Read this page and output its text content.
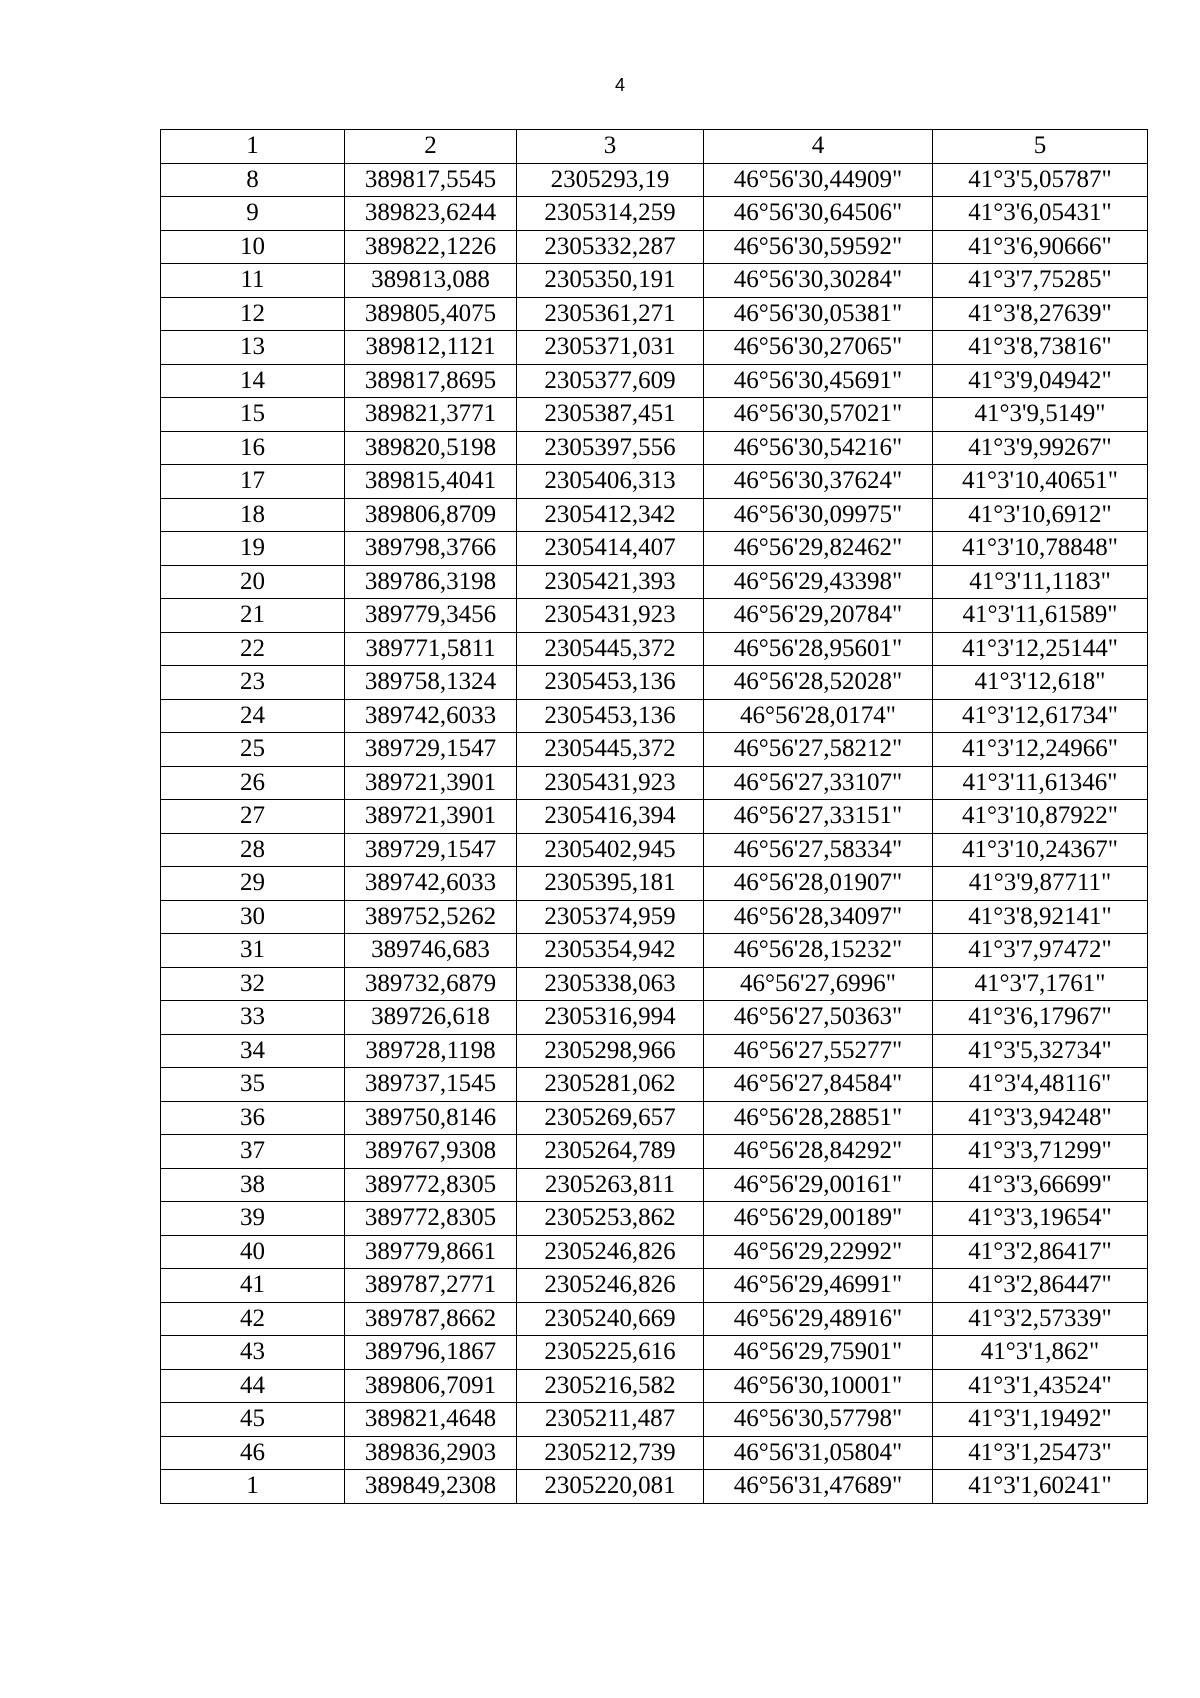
4
1	2	3	4	5
8	389817,5545	2305293,19	46°56'30,44909"	41°3'5,05787"
9	389823,6244	2305314,259	46°56'30,64506"	41°3'6,05431"
10	389822,1226	2305332,287	46°56'30,59592"	41°3'6,90666"
11	389813,088	2305350,191	46°56'30,30284"	41°3'7,75285"
12	389805,4075	2305361,271	46°56'30,05381"	41°3'8,27639"
13	389812,1121	2305371,031	46°56'30,27065"	41°3'8,73816"
14	389817,8695	2305377,609	46°56'30,45691"	41°3'9,04942"
15	389821,3771	2305387,451	46°56'30,57021"	41°3'9,5149"
16	389820,5198	2305397,556	46°56'30,54216"	41°3'9,99267"
17	389815,4041	2305406,313	46°56'30,37624"	41°3'10,40651"
18	389806,8709	2305412,342	46°56'30,09975"	41°3'10,6912"
19	389798,3766	2305414,407	46°56'29,82462"	41°3'10,78848"
20	389786,3198	2305421,393	46°56'29,43398"	41°3'11,1183"
21	389779,3456	2305431,923	46°56'29,20784"	41°3'11,61589"
22	389771,5811	2305445,372	46°56'28,95601"	41°3'12,25144"
23	389758,1324	2305453,136	46°56'28,52028"	41°3'12,618"
24	389742,6033	2305453,136	46°56'28,0174"	41°3'12,61734"
25	389729,1547	2305445,372	46°56'27,58212"	41°3'12,24966"
26	389721,3901	2305431,923	46°56'27,33107"	41°3'11,61346"
27	389721,3901	2305416,394	46°56'27,33151"	41°3'10,87922"
28	389729,1547	2305402,945	46°56'27,58334"	41°3'10,24367"
29	389742,6033	2305395,181	46°56'28,01907"	41°3'9,87711"
30	389752,5262	2305374,959	46°56'28,34097"	41°3'8,92141"
31	389746,683	2305354,942	46°56'28,15232"	41°3'7,97472"
32	389732,6879	2305338,063	46°56'27,6996"	41°3'7,1761"
33	389726,618	2305316,994	46°56'27,50363"	41°3'6,17967"
34	389728,1198	2305298,966	46°56'27,55277"	41°3'5,32734"
35	389737,1545	2305281,062	46°56'27,84584"	41°3'4,48116"
36	389750,8146	2305269,657	46°56'28,28851"	41°3'3,94248"
37	389767,9308	2305264,789	46°56'28,84292"	41°3'3,71299"
38	389772,8305	2305263,811	46°56'29,00161"	41°3'3,66699"
39	389772,8305	2305253,862	46°56'29,00189"	41°3'3,19654"
40	389779,8661	2305246,826	46°56'29,22992"	41°3'2,86417"
41	389787,2771	2305246,826	46°56'29,46991"	41°3'2,86447"
42	389787,8662	2305240,669	46°56'29,48916"	41°3'2,57339"
43	389796,1867	2305225,616	46°56'29,75901"	41°3'1,862"
44	389806,7091	2305216,582	46°56'30,10001"	41°3'1,43524"
45	389821,4648	2305211,487	46°56'30,57798"	41°3'1,19492"
46	389836,2903	2305212,739	46°56'31,05804"	41°3'1,25473"
1	389849,2308	2305220,081	46°56'31,47689"	41°3'1,60241"
